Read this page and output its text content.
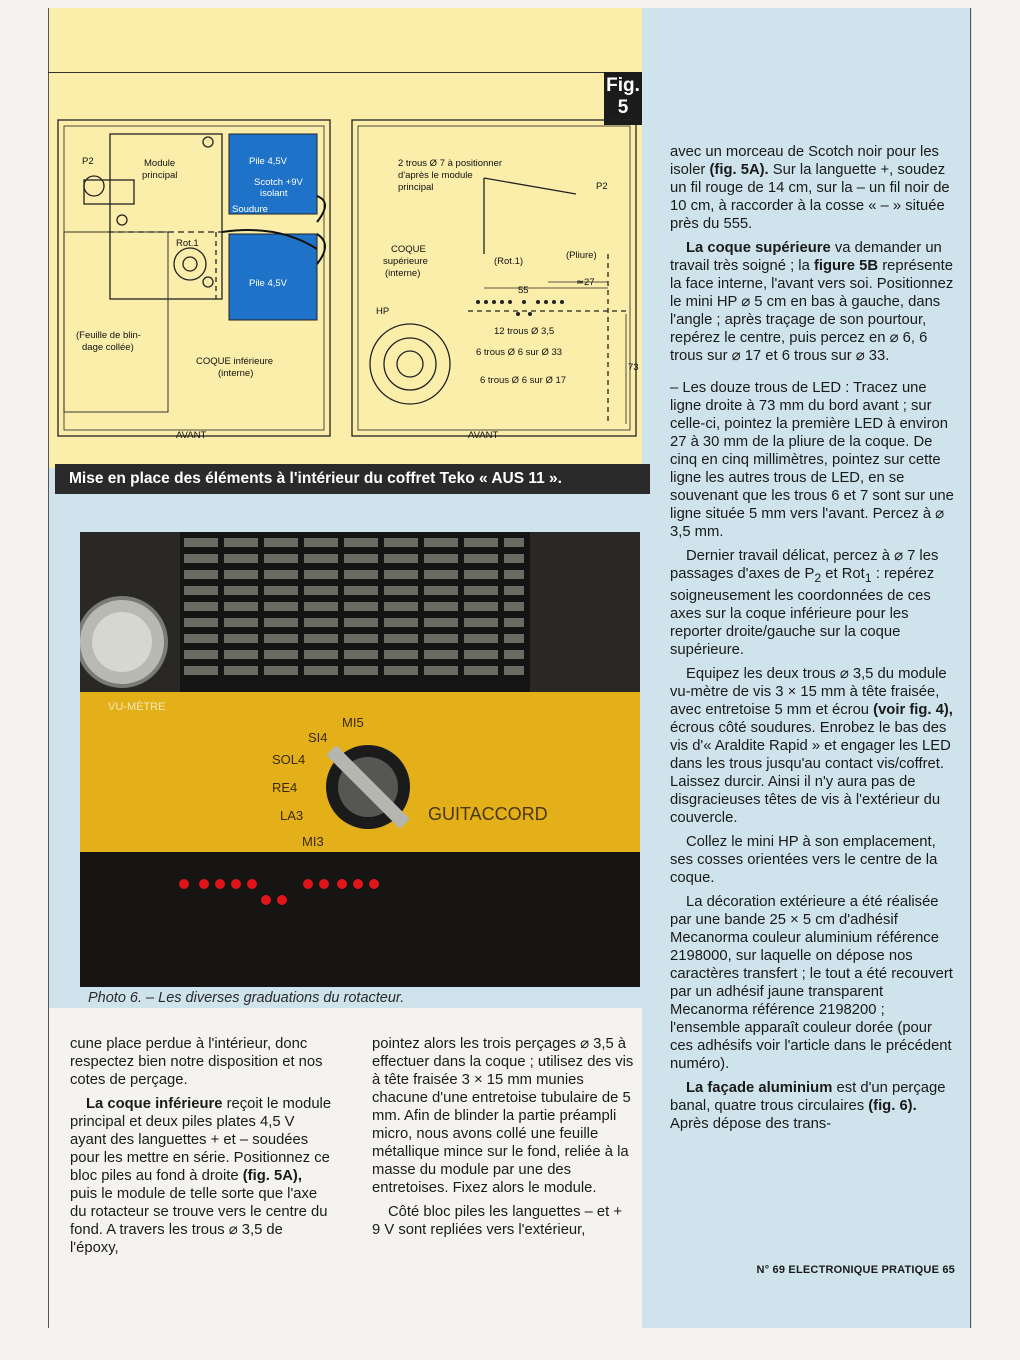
Fig.
5
P2	Module
principal
Pile 4,5V
Scotch +9V
isolant
Soudure
Rot.1
Pile 4,5V
(Feuille de blin-
dage collée)
COQUE inférieure
(interne)
AVANT
2 trous Ø 7 à positionner
d'après le module
principal	P2
COQUE
supérieure
(interne)
(Rot.1)
(Pliure)
55
≃27
HP
12 trous Ø 3,5
6 trous Ø 6 sur Ø 33
6 trous Ø 6 sur Ø 17
73
AVANT
Mise en place des éléments à l'intérieur du coffret Teko « AUS 11 ».
VU-MÈTRE
GUITACCORD
MI5
SI4
SOL4
RE4
LA3
MI3
Photo 6. – Les diverses graduations du rotacteur.

cune place perdue à l'intérieur, donc respectez bien notre disposition et nos cotes de perçage.

La coque inférieure reçoit le module principal et deux piles plates 4,5 V ayant des languettes + et – soudées pour les mettre en série. Positionnez ce bloc piles au fond à droite (fig. 5A), puis le module de telle sorte que l'axe du rotacteur se trouve vers le centre du fond. A travers les trous ⌀ 3,5 de l'époxy,

pointez alors les trois perçages ⌀ 3,5 à effectuer dans la coque ; utilisez des vis à tête fraisée 3 × 15 mm munies chacune d'une entretoise tubulaire de 5 mm. Afin de blinder la partie préampli micro, nous avons collé une feuille métallique mince sur le fond, reliée à la masse du module par une des entretoises. Fixez alors le module.

Côté bloc piles les languettes – et + 9 V sont repliées vers l'extérieur,

avec un morceau de Scotch noir pour les isoler (fig. 5A). Sur la languette +, soudez un fil rouge de 14 cm, sur la – un fil noir de 10 cm, à raccorder à la cosse « – » située près du 555.

La coque supérieure va demander un travail très soigné ; la figure 5B représente la face interne, l'avant vers soi. Positionnez le mini HP ⌀ 5 cm en bas à gauche, dans l'angle ; après traçage de son pourtour, repérez le centre, puis percez en ⌀ 6, 6 trous sur ⌀ 17 et 6 trous sur ⌀ 33.

– Les douze trous de LED : Tracez une ligne droite à 73 mm du bord avant ; sur celle-ci, pointez la première LED à environ 27 à 30 mm de la pliure de la coque. De cinq en cinq millimètres, pointez sur cette ligne les autres trous de LED, en se souvenant que les trous 6 et 7 sont sur une ligne située 5 mm vers l'avant. Percez à ⌀ 3,5 mm.

Dernier travail délicat, percez à ⌀ 7 les passages d'axes de $P_2$ et Rot$_1$ : repérez soigneusement les coordonnées de ces axes sur la coque inférieure pour les reporter droite/gauche sur la coque supérieure.

Equipez les deux trous ⌀ 3,5 du module vu-mètre de vis 3 × 15 mm à tête fraisée, avec entretoise 5 mm et écrou (voir fig. 4), écrous côté soudures. Enrobez le bas des vis d'« Araldite Rapid » et engager les LED dans les trous jusqu'au contact vis/coffret. Laissez durcir. Ainsi il n'y aura pas de disgracieuses têtes de vis à l'extérieur du couvercle.

Collez le mini HP à son emplacement, ses cosses orientées vers le centre de la coque.

La décoration extérieure a été réalisée par une bande 25 × 5 cm d'adhésif Mecanorma couleur aluminium référence 2198000, sur laquelle on dépose nos caractères transfert ; le tout a été recouvert par un adhésif jaune transparent Mecanorma référence 2198200 ; l'ensemble apparaît couleur dorée (pour ces adhésifs voir l'article dans le précédent numéro).

La façade aluminium est d'un perçage banal, quatre trous circulaires (fig. 6). Après dépose des trans-

N° 69 ELECTRONIQUE PRATIQUE 65
